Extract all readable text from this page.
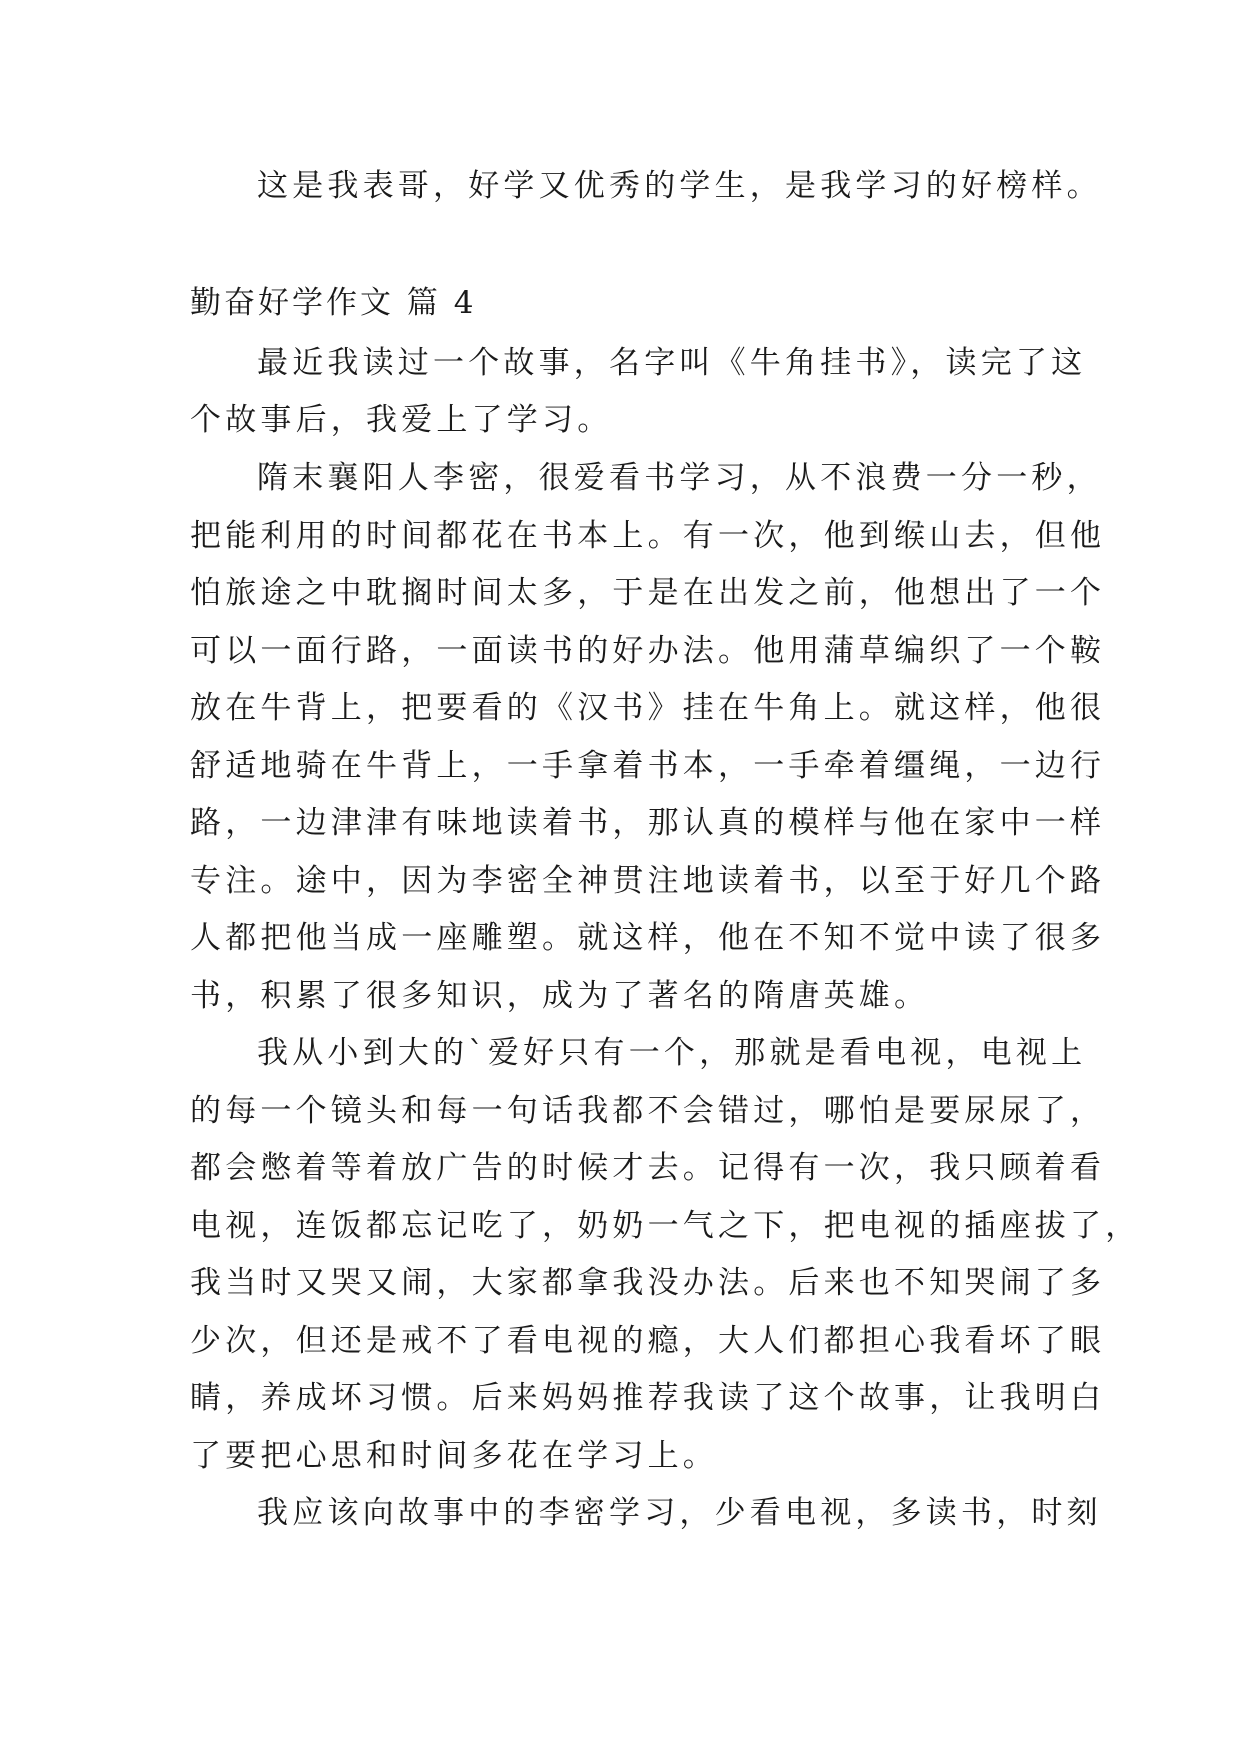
这是我表哥，好学又优秀的学生，是我学习的好榜样。
勤奋好学作文 篇 4
最近我读过一个故事，名字叫《牛角挂书》，读完了这
个故事后，我爱上了学习。
隋末襄阳人李密，很爱看书学习，从不浪费一分一秒，
把能利用的时间都花在书本上。有一次，他到缑山去，但他
怕旅途之中耽搁时间太多，于是在出发之前，他想出了一个
可以一面行路，一面读书的好办法。他用蒲草编织了一个鞍
放在牛背上，把要看的《汉书》挂在牛角上。就这样，他很
舒适地骑在牛背上，一手拿着书本，一手牵着缰绳，一边行
路，一边津津有味地读着书，那认真的模样与他在家中一样
专注。途中，因为李密全神贯注地读着书，以至于好几个路
人都把他当成一座雕塑。就这样，他在不知不觉中读了很多
书，积累了很多知识，成为了著名的隋唐英雄。
我从小到大的`爱好只有一个，那就是看电视，电视上
的每一个镜头和每一句话我都不会错过，哪怕是要尿尿了，
都会憋着等着放广告的时候才去。记得有一次，我只顾着看
电视，连饭都忘记吃了，奶奶一气之下，把电视的插座拔了，
我当时又哭又闹，大家都拿我没办法。后来也不知哭闹了多
少次，但还是戒不了看电视的瘾，大人们都担心我看坏了眼
睛，养成坏习惯。后来妈妈推荐我读了这个故事，让我明白
了要把心思和时间多花在学习上。
我应该向故事中的李密学习，少看电视，多读书，时刻
